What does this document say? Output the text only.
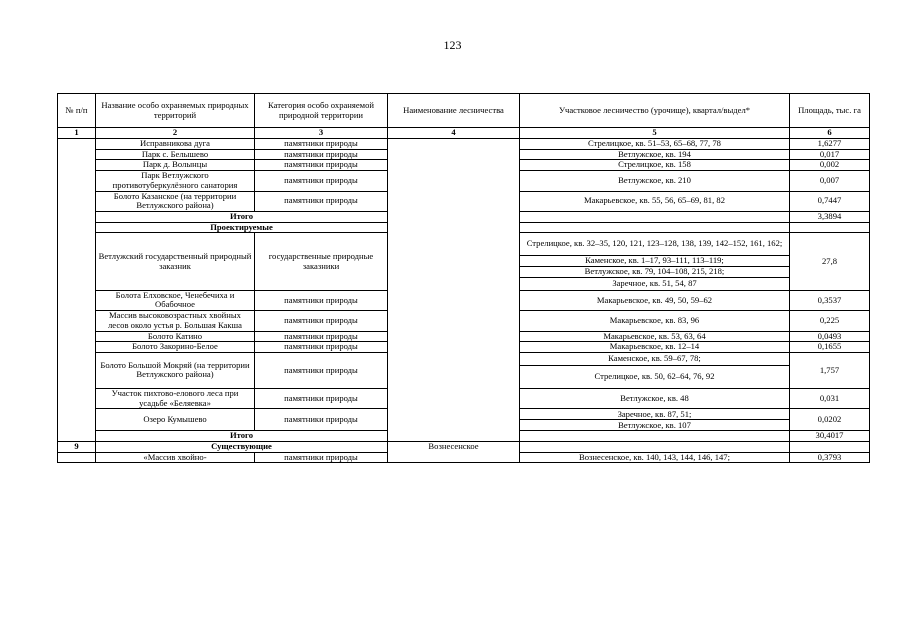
123
№ п/п	Название особо охраняемых природных территорий	Категория особо охраняемой природной территории	Наименование лесничества	Участковое лесничество (урочище), квартал/выдел*	Площадь, тыс. га
1	2	3	4	5	6
	Исправникова дуга	памятники природы		Стрелицкое, кв. 51–53, 65–68, 77, 78	1,6277
	Парк с. Белышево	памятники природы		Ветлужское, кв. 194	0,017
	Парк д. Волынцы	памятники природы		Стрелицкое, кв. 158	0,002
	Парк Ветлужского противотуберкулёзного санатория	памятники природы		Ветлужское, кв. 210	0,007
	Болото Казанское (на территории Ветлужского района)	памятники природы		Макарьевское, кв. 55, 56, 65–69, 81, 82	0,7447
	Итого				3,3894
	Проектируемые				
	Ветлужский государственный природный заказник	государственные природные заказники		Стрелицкое, кв. 32–35, 120, 121, 123–128, 138, 139, 142–152, 161, 162;	27,8
				Каменское, кв. 1–17, 93–111, 113–119;	
				Ветлужское, кв. 79, 104–108, 215, 218;	
				Заречное, кв. 51, 54, 87	
	Болота Елховское, Ченебечиха и Обабочное	памятники природы		Макарьевское, кв. 49, 50, 59–62	0,3537
	Массив высоковозрастных хвойных лесов около устья р. Большая Какша	памятники природы		Макарьевское, кв. 83, 96	0,225
	Болото Катино	памятники природы		Макарьевское, кв. 53, 63, 64	0,0493
	Болото Закорино-Белое	памятники природы		Макарьевское, кв. 12–14	0,1655
	Болото Большой Мокряй (на территории Ветлужского района)	памятники природы		Каменское, кв. 59–67, 78;	1,757
				Стрелицкое, кв. 50, 62–64, 76, 92	
	Участок пихтово-елового леса при усадьбе «Беляевка»	памятники природы		Ветлужское, кв. 48	0,031
	Озеро Кумышево	памятники природы		Заречное, кв. 87, 51;	0,0202
				Ветлужское, кв. 107	
	Итого				30,4017
9	Существующие		Вознесенское		
	«Массив хвойно-	памятники природы		Вознесенское, кв. 140, 143, 144, 146, 147;	0,3793
